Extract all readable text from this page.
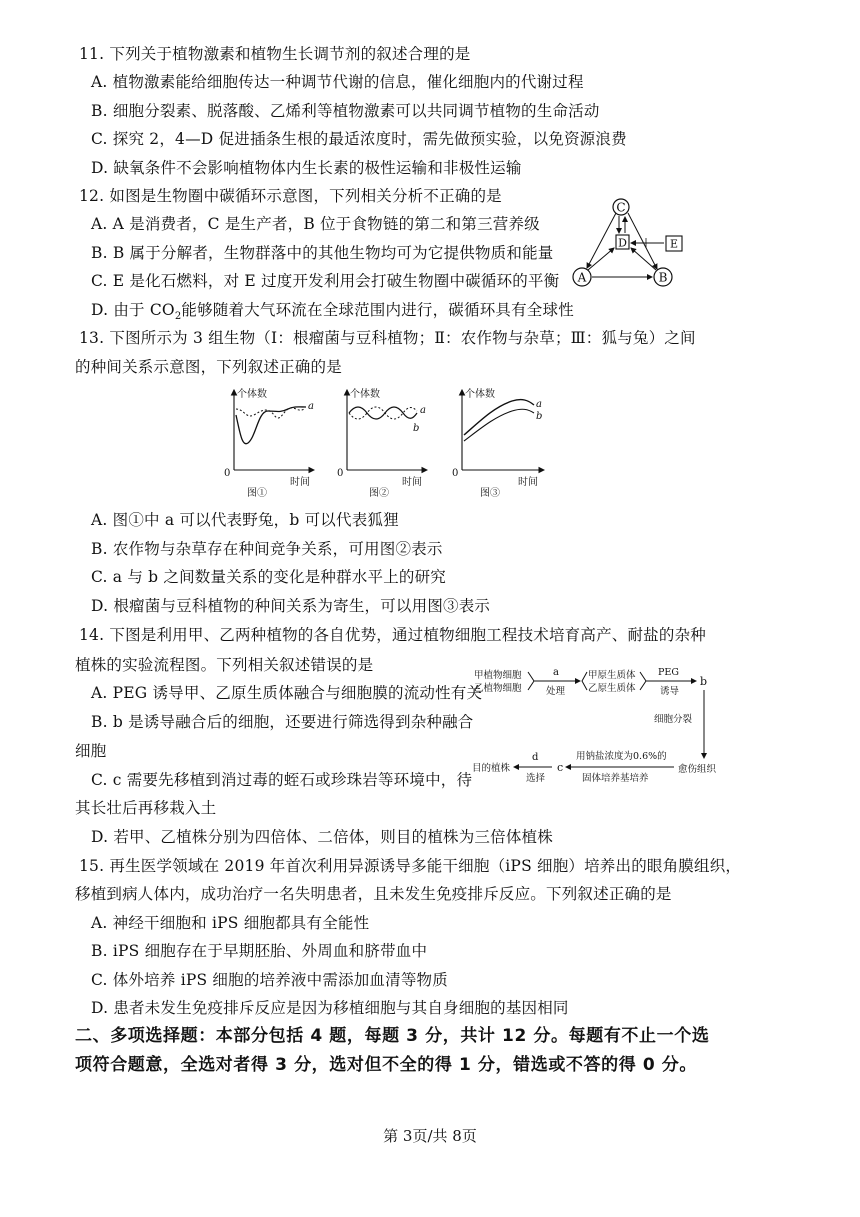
11. 下列关于植物激素和植物生长调节剂的叙述合理的是
A. 植物激素能给细胞传达一种调节代谢的信息，催化细胞内的代谢过程
B. 细胞分裂素、脱落酸、乙烯利等植物激素可以共同调节植物的生命活动
C. 探究 2，4—D 促进插条生根的最适浓度时，需先做预实验，以免资源浪费
D. 缺氧条件不会影响植物体内生长素的极性运输和非极性运输
12. 如图是生物圈中碳循环示意图，下列相关分析不正确的是
A. A 是消费者，C 是生产者，B 位于食物链的第二和第三营养级
B. B 属于分解者，生物群落中的其他生物均可为它提供物质和能量
C. E 是化石燃料，对 E 过度开发利用会打破生物圈中碳循环的平衡
D. 由于 $CO_2$能够随着大气环流在全球范围内进行，碳循环具有全球性
C
D	E
A	B
13. 下图所示为 3 组生物（Ⅰ：根瘤菌与豆科植物；Ⅱ：农作物与杂草；Ⅲ：狐与兔）之间
的种间关系示意图，下列叙述正确的是
个体数
0
时间
a
图①
个体数
0
时间
a
b
图②
个体数
0
时间
a
b
图③
A. 图①中 a 可以代表野兔，b 可以代表狐狸
B. 农作物与杂草存在种间竞争关系，可用图②表示
C. a 与 b 之间数量关系的变化是种群水平上的研究
D. 根瘤菌与豆科植物的种间关系为寄生，可以用图③表示
14. 下图是利用甲、乙两种植物的各自优势，通过植物细胞工程技术培育高产、耐盐的杂种
植株的实验流程图。下列相关叙述错误的是
A. PEG 诱导甲、乙原生质体融合与细胞膜的流动性有关
B. b 是诱导融合后的细胞，还要进行筛选得到杂种融合
细胞
C. c 需要先移植到消过毒的蛭石或珍珠岩等环境中，待
其长壮后再移栽入土
D. 若甲、乙植株分别为四倍体、二倍体，则目的植株为三倍体植株
甲植物细胞
乙植物细胞
a
处理
甲原生质体
乙原生质体
PEG
诱导
b
细胞分裂
愈伤组织
用钠盐浓度为0.6%的
固体培养基培养
c
d
选择
目的植株
15. 再生医学领域在 2019 年首次利用异源诱导多能干细胞（iPS 细胞）培养出的眼角膜组织，
移植到病人体内，成功治疗一名失明患者，且未发生免疫排斥反应。下列叙述正确的是
A. 神经干细胞和 iPS 细胞都具有全能性
B. iPS 细胞存在于早期胚胎、外周血和脐带血中
C. 体外培养 iPS 细胞的培养液中需添加血清等物质
D. 患者未发生免疫排斥反应是因为移植细胞与其自身细胞的基因相同
二、多项选择题：本部分包括 4 题，每题 3 分，共计 12 分。每题有不止一个选
项符合题意，全选对者得 3 分，选对但不全的得 1 分，错选或不答的得 0 分。
第 3页/共 8页
